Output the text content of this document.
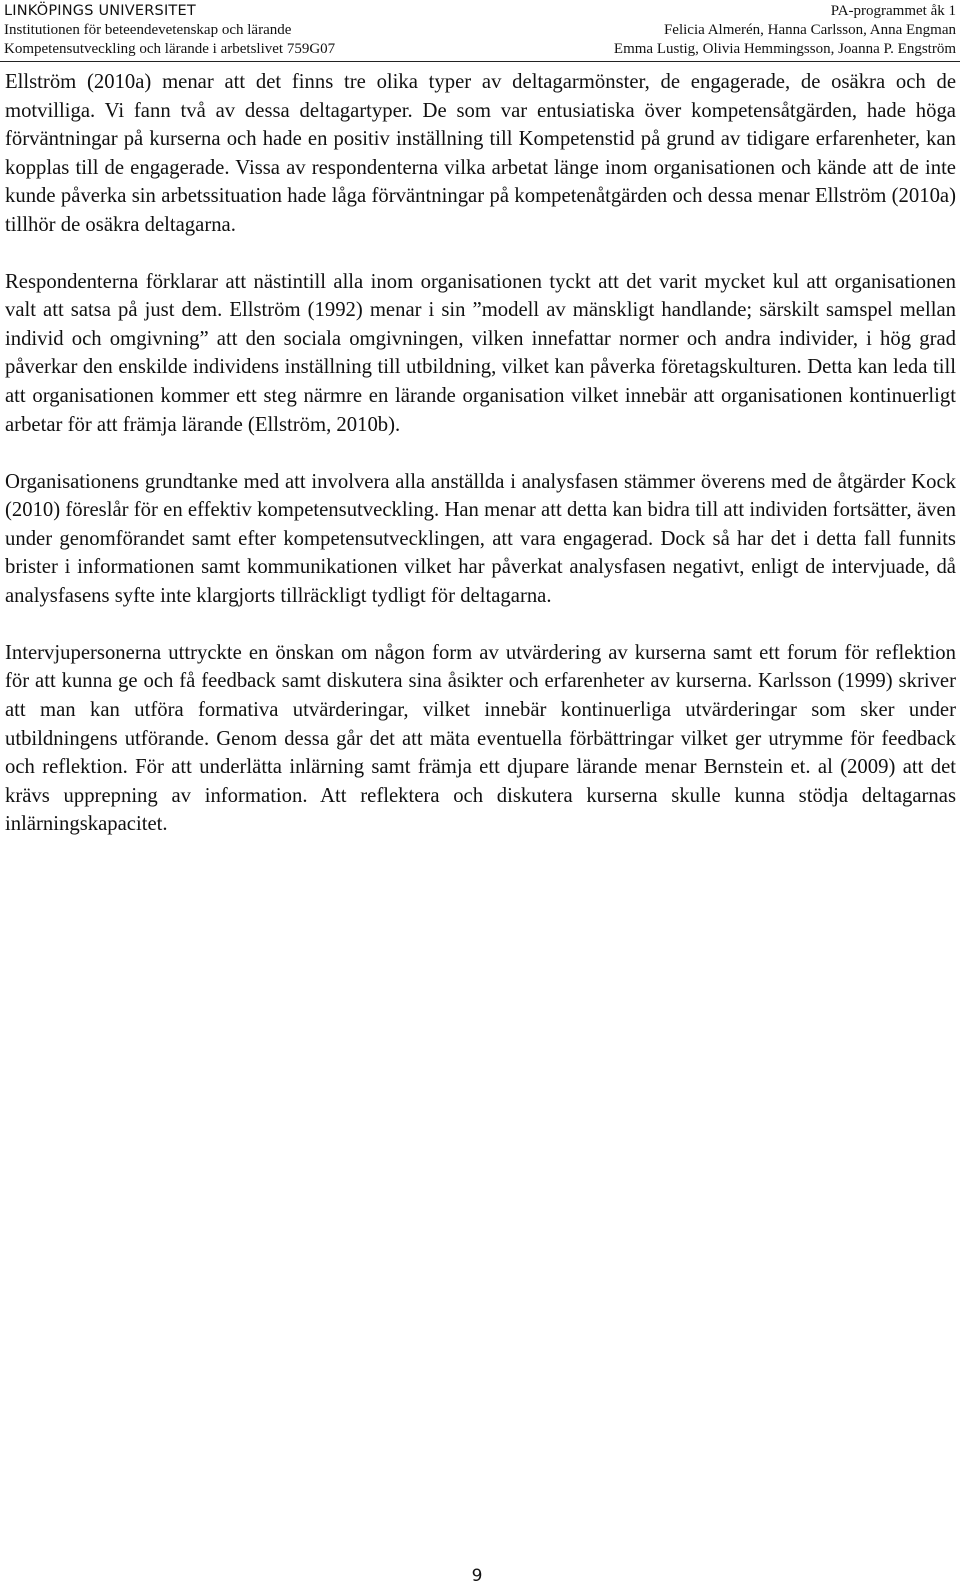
LINKÖPINGS UNIVERSITET
Institutionen för beteendevetenskap och lärande
Kompetensutveckling och lärande i arbetslivet 759G07
PA-programmet åk 1
Felicia Almerén, Hanna Carlsson, Anna Engman
Emma Lustig, Olivia Hemmingsson, Joanna P. Engström

Ellström (2010a) menar att det finns tre olika typer av deltagarmönster, de engagerade, de osäkra och de motvilliga. Vi fann två av dessa deltagartyper. De som var entusiatiska över kompetensåtgärden, hade höga förväntningar på kurserna och hade en positiv inställning till Kompetenstid på grund av tidigare erfarenheter, kan kopplas till de engagerade. Vissa av respondenterna vilka arbetat länge inom organisationen och kände att de inte kunde påverka sin arbetssituation hade låga förväntningar på kompetenåtgärden och dessa menar Ellström (2010a) tillhör de osäkra deltagarna.

Respondenterna förklarar att nästintill alla inom organisationen tyckt att det varit mycket kul att organisationen valt att satsa på just dem. Ellström (1992) menar i sin ”modell av mänskligt handlande; särskilt samspel mellan individ och omgivning” att den sociala omgivningen, vilken innefattar normer och andra individer, i hög grad påverkar den enskilde individens inställning till utbildning, vilket kan påverka företagskulturen. Detta kan leda till att organisationen kommer ett steg närmre en lärande organisation vilket innebär att organisationen kontinuerligt arbetar för att främja lärande (Ellström, 2010b).

Organisationens grundtanke med att involvera alla anställda i analysfasen stämmer överens med de åtgärder Kock (2010) föreslår för en effektiv kompetensutveckling. Han menar att detta kan bidra till att individen fortsätter, även under genomförandet samt efter kompetensutvecklingen, att vara engagerad. Dock så har det i detta fall funnits brister i informationen samt kommunikationen vilket har påverkat analysfasen negativt, enligt de intervjuade, då analysfasens syfte inte klargjorts tillräckligt tydligt för deltagarna.

Intervjupersonerna uttryckte en önskan om någon form av utvärdering av kurserna samt ett forum för reflektion för att kunna ge och få feedback samt diskutera sina åsikter och erfarenheter av kurserna. Karlsson (1999) skriver att man kan utföra formativa utvärderingar, vilket innebär kontinuerliga utvärderingar som sker under utbildningens utförande. Genom dessa går det att mäta eventuella förbättringar vilket ger utrymme för feedback och reflektion. För att underlätta inlärning samt främja ett djupare lärande menar Bernstein et. al (2009) att det krävs upprepning av information. Att reflektera och diskutera kurserna skulle kunna stödja deltagarnas inlärningskapacitet.

9
